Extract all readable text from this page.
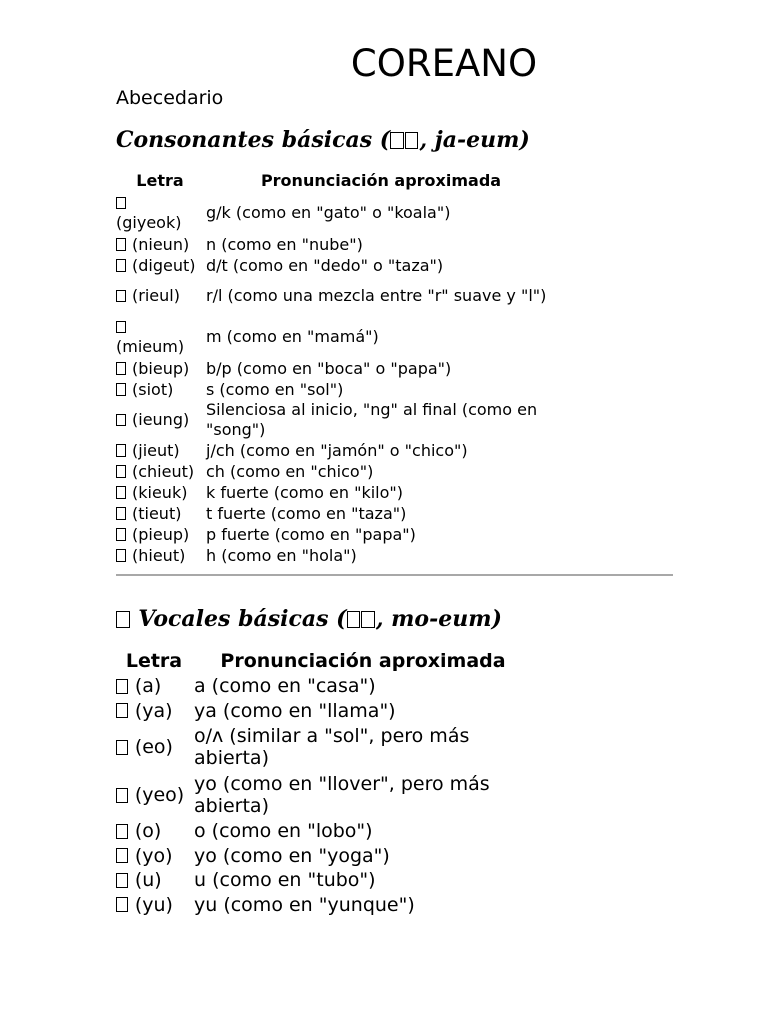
COREANO

Abecedario

Consonantes básicas ( , ja-eum)
Letra	Pronunciación aproximada

(giyeok)	g/k (como en "gato" o "koala")
(nieun)	n (como en "nube")
(digeut)	d/t (como en "dedo" o "taza")
(rieul)	r/l (como una mezcla entre "r" suave y "l")

(mieum)	m (como en "mamá")
(bieup)	b/p (como en "boca" o "papa")
(siot)	s (como en "sol")
(ieung)	Silenciosa al inicio, "ng" al final (como en "song")
(jieut)	j/ch (como en "jamón" o "chico")
(chieut)	ch (como en "chico")
(kieuk)	k fuerte (como en "kilo")
(tieut)	t fuerte (como en "taza")
(pieup)	p fuerte (como en "papa")
(hieut)	h (como en "hola")
Vocales básicas ( , mo-eum)
Letra	Pronunciación aproximada
(a)	a (como en "casa")
(ya)	ya (como en "llama")
(eo)	o/ʌ (similar a "sol", pero más abierta)
(yeo)	yo (como en "llover", pero más abierta)
(o)	o (como en "lobo")
(yo)	yo (como en "yoga")
(u)	u (como en "tubo")
(yu)	yu (como en "yunque")
